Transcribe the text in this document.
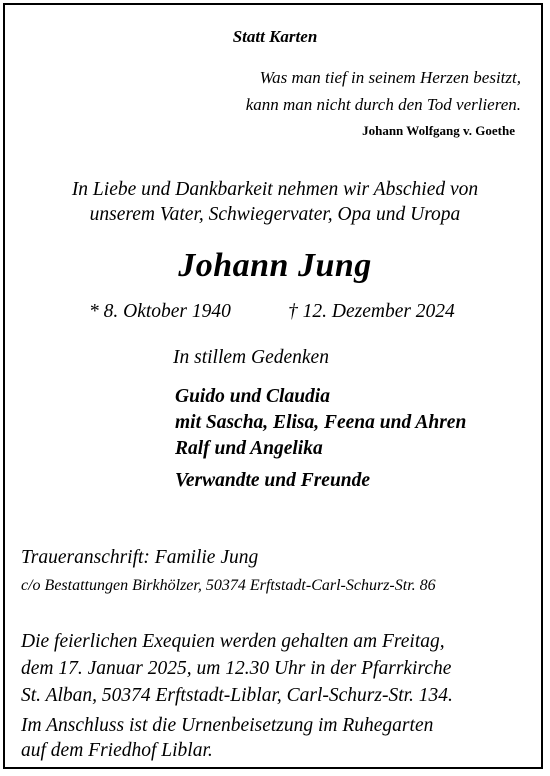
Statt Karten
Was man tief in seinem Herzen besitzt,
kann man nicht durch den Tod verlieren.
Johann Wolfgang v. Goethe
In Liebe und Dankbarkeit nehmen wir Abschied von
unserem Vater, Schwiegervater, Opa und Uropa
Johann Jung
* 8. Oktober 1940	† 12. Dezember 2024
In stillem Gedenken
Guido und Claudia
mit Sascha, Elisa, Feena und Ahren
Ralf und Angelika
Verwandte und Freunde
Traueranschrift: Familie Jung
c/o Bestattungen Birkhölzer, 50374 Erftstadt-Carl-Schurz-Str. 86
Die feierlichen Exequien werden gehalten am Freitag,
dem 17. Januar 2025, um 12.30 Uhr in der Pfarrkirche
St. Alban, 50374 Erftstadt-Liblar, Carl-Schurz-Str. 134.
Im Anschluss ist die Urnenbeisetzung im Ruhegarten
auf dem Friedhof Liblar.
